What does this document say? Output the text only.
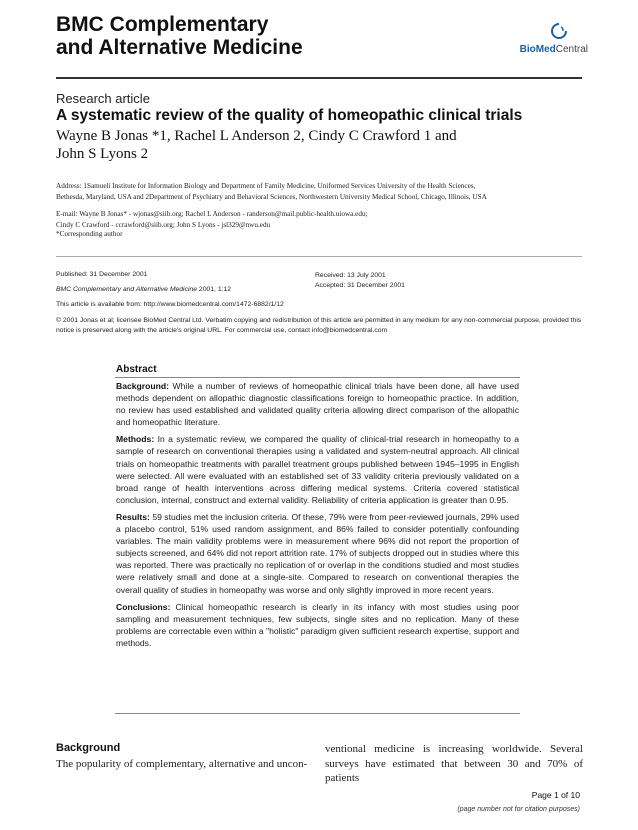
BMC Complementary
and Alternative Medicine	BioMedCentral
Research article
A systematic review of the quality of homeopathic clinical trials
Wayne B Jonas *1, Rachel L Anderson 2, Cindy C Crawford 1 and
John S Lyons 2
Address: 1Samueli Institute for Information Biology and Department of Family Medicine, Uniformed Services University of the Health Sciences,
Bethesda, Maryland, USA and 2Department of Psychiatry and Behavioral Sciences, Northwestern University Medical School, Chicago, Illinois, USA
E-mail: Wayne B Jonas* - wjonas@siib.org; Rachel L Anderson - randerson@mail.public-health.uiowa.edu;
Cindy C Crawford - ccrawford@siib.org; John S Lyons - jsl329@nwu.edu
*Corresponding author
Published: 31 December 2001
BMC Complementary and Alternative Medicine 2001, 1:12
Received: 13 July 2001
Accepted: 31 December 2001
This article is available from: http://www.biomedcentral.com/1472-6882/1/12
© 2001 Jonas et al; licensee BioMed Central Ltd. Verbatim copying and redistribution of this article are permitted in any medium for any non-commercial purpose, provided this notice is preserved along with the article's original URL. For commercial use, contact info@biomedcentral.com
Abstract

Background: While a number of reviews of homeopathic clinical trials have been done, all have used methods dependent on allopathic diagnostic classifications foreign to homeopathic practice. In addition, no review has used established and validated quality criteria allowing direct comparison of the allopathic and homeopathic literature.

Methods: In a systematic review, we compared the quality of clinical-trial research in homeopathy to a sample of research on conventional therapies using a validated and system-neutral approach. All clinical trials on homeopathic treatments with parallel treatment groups published between 1945–1995 in English were selected. All were evaluated with an established set of 33 validity criteria previously validated on a broad range of health interventions across differing medical systems. Criteria covered statistical conclusion, internal, construct and external validity. Reliability of criteria application is greater than 0.95.

Results: 59 studies met the inclusion criteria. Of these, 79% were from peer-reviewed journals, 29% used a placebo control, 51% used random assignment, and 86% failed to consider potentially confounding variables. The main validity problems were in measurement where 96% did not report the proportion of subjects screened, and 64% did not report attrition rate. 17% of subjects dropped out in studies where this was reported. There was practically no replication of or overlap in the conditions studied and most studies were relatively small and done at a single-site. Compared to research on conventional therapies the overall quality of studies in homeopathy was worse and only slightly improved in more recent years.

Conclusions: Clinical homeopathic research is clearly in its infancy with most studies using poor sampling and measurement techniques, few subjects, single sites and no replication. Many of these problems are correctable even within a "holistic" paradigm given sufficient research expertise, support and methods.

Background
The popularity of complementary, alternative and uncon-
ventional medicine is increasing worldwide. Several surveys have estimated that between 30 and 70% of patients
Page 1 of 10
(page number not for citation purposes)
